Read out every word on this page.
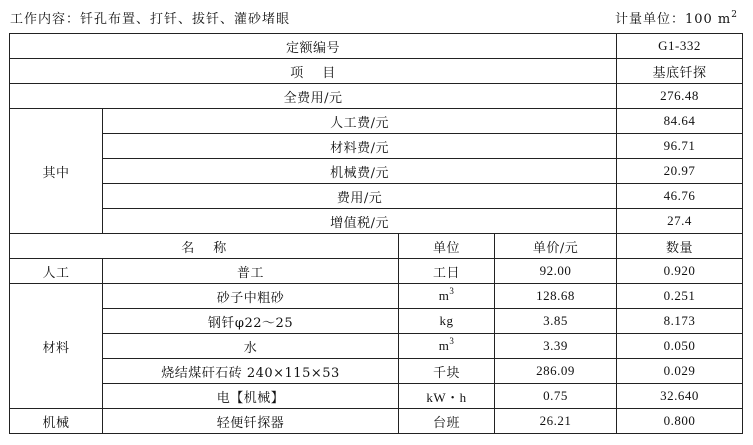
工作内容：钎孔布置、打钎、拔钎、灌砂堵眼	计量单位：100 $m^2$
定额编号				G1-332
项    目				基底钎探
全费用/元				276.48
其中	人工费/元			84.64
	材料费/元			96.71
	机械费/元			20.97
	费用/元			46.76
	增值税/元			27.4
名    称		单位	单价/元	数量
人工	普工	工日	92.00	0.920
材料	砂子中粗砂	$m^3$	128.68	0.251
	钢钎φ22～25	kg	3.85	8.173
	水	$m^3$	3.39	0.050
	烧结煤矸石砖 240×115×53	千块	286.09	0.029
	电【机械】	kW・h	0.75	32.640
机械	轻便钎探器	台班	26.21	0.800
